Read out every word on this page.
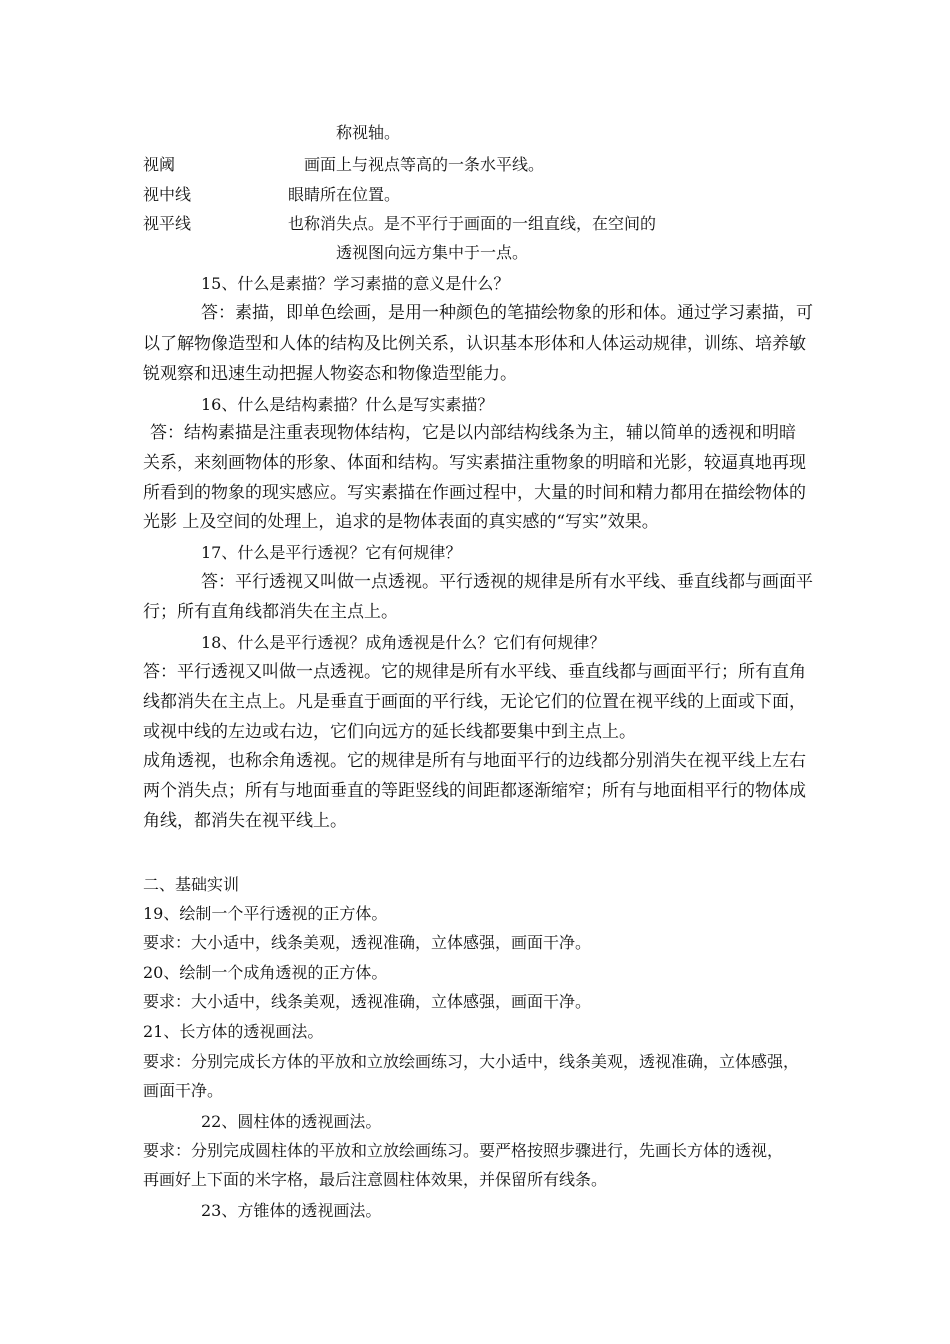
称视轴。
视阈	画面上与视点等高的一条水平线。
视中线	眼睛所在位置。
视平线	也称消失点。是不平行于画面的一组直线，在空间的
透视图向远方集中于一点。
15、什么是素描？学习素描的意义是什么？
答：素描，即单色绘画，是用一种颜色的笔描绘物象的形和体。通过学习素描，可
以了解物像造型和人体的结构及比例关系，认识基本形体和人体运动规律，训练、培养敏
锐观察和迅速生动把握人物姿态和物像造型能力。
16、什么是结构素描？什么是写实素描？
答：结构素描是注重表现物体结构，它是以内部结构线条为主，辅以简单的透视和明暗
关系，来刻画物体的形象、体面和结构。写实素描注重物象的明暗和光影，较逼真地再现
所看到的物象的现实感应。写实素描在作画过程中，大量的时间和精力都用在描绘物体的
光影 上及空间的处理上，追求的是物体表面的真实感的“写实”效果。
17、什么是平行透视？它有何规律？
答：平行透视又叫做一点透视。平行透视的规律是所有水平线、垂直线都与画面平
行；所有直角线都消失在主点上。
18、什么是平行透视？成角透视是什么？它们有何规律？
答：平行透视又叫做一点透视。它的规律是所有水平线、垂直线都与画面平行；所有直角
线都消失在主点上。凡是垂直于画面的平行线，无论它们的位置在视平线的上面或下面，
或视中线的左边或右边，它们向远方的延长线都要集中到主点上。
成角透视，也称余角透视。它的规律是所有与地面平行的边线都分别消失在视平线上左右
两个消失点；所有与地面垂直的等距竖线的间距都逐渐缩窄；所有与地面相平行的物体成
角线，都消失在视平线上。
二、基础实训
19、绘制一个平行透视的正方体。
要求：大小适中，线条美观，透视准确，立体感强，画面干净。
20、绘制一个成角透视的正方体。
要求：大小适中，线条美观，透视准确，立体感强，画面干净。
21、长方体的透视画法。
要求：分别完成长方体的平放和立放绘画练习，大小适中，线条美观，透视准确，立体感强，
画面干净。
22、圆柱体的透视画法。
要求：分别完成圆柱体的平放和立放绘画练习。要严格按照步骤进行，先画长方体的透视，
再画好上下面的米字格，最后注意圆柱体效果，并保留所有线条。
23、方锥体的透视画法。
